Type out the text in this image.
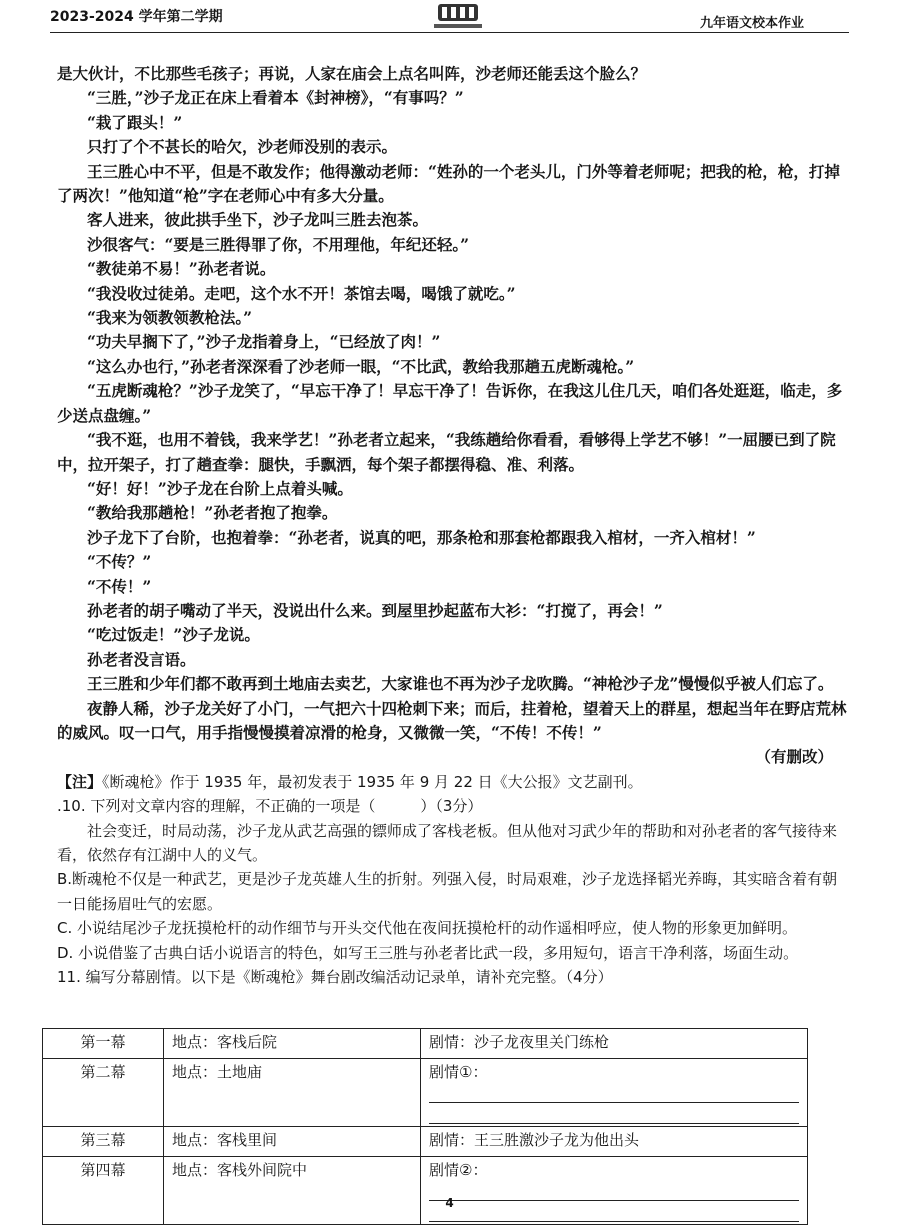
2023-2024 学年第二学期	九年语文校本作业

是大伙计，不比那些毛孩子；再说，人家在庙会上点名叫阵，沙老师还能丢这个脸么？

“三胜，”沙子龙正在床上看着本《封神榜》，“有事吗？”

“栽了跟头！”

只打了个不甚长的哈欠，沙老师没别的表示。

王三胜心中不平，但是不敢发作；他得激动老师：“姓孙的一个老头儿，门外等着老师呢；把我的枪，枪，打掉了两次！”他知道“枪”字在老师心中有多大分量。

客人进来，彼此拱手坐下，沙子龙叫三胜去泡茶。

沙很客气：“要是三胜得罪了你，不用理他，年纪还轻。”

“教徒弟不易！”孙老者说。

“我没收过徒弟。走吧，这个水不开！茶馆去喝，喝饿了就吃。”

“我来为领教领教枪法。”

“功夫早搁下了，”沙子龙指着身上，“已经放了肉！”

“这么办也行，”孙老者深深看了沙老师一眼，“不比武，教给我那趟五虎断魂枪。”

“五虎断魂枪？”沙子龙笑了，“早忘干净了！早忘干净了！告诉你，在我这儿住几天，咱们各处逛逛，临走，多少送点盘缠。”

“我不逛，也用不着钱，我来学艺！”孙老者立起来，“我练趟给你看看，看够得上学艺不够！”一屈腰已到了院中，拉开架子，打了趟查拳：腿快，手飘洒，每个架子都摆得稳、准、利落。

“好！好！”沙子龙在台阶上点着头喊。

“教给我那趟枪！”孙老者抱了抱拳。

沙子龙下了台阶，也抱着拳：“孙老者，说真的吧，那条枪和那套枪都跟我入棺材，一齐入棺材！”

“不传？”

“不传！”

孙老者的胡子嘴动了半天，没说出什么来。到屋里抄起蓝布大衫：“打搅了，再会！”

“吃过饭走！”沙子龙说。

孙老者没言语。

王三胜和少年们都不敢再到土地庙去卖艺，大家谁也不再为沙子龙吹腾。“神枪沙子龙”慢慢似乎被人们忘了。

夜静人稀，沙子龙关好了小门，一气把六十四枪刺下来；而后，拄着枪，望着天上的群星，想起当年在野店荒林的威风。叹一口气，用手指慢慢摸着凉滑的枪身，又微微一笑，“不传！不传！”

（有删改）

【注】《断魂枪》作于 1935 年，最初发表于 1935 年 9 月 22 日《大公报》文艺副刊。

.10. 下列对文章内容的理解，不正确的一项是（　　　）（3分）

社会变迁，时局动荡，沙子龙从武艺高强的镖师成了客栈老板。但从他对习武少年的帮助和对孙老者的客气接待来看，依然存有江湖中人的义气。

B.断魂枪不仅是一种武艺，更是沙子龙英雄人生的折射。列强入侵，时局艰难，沙子龙选择韬光养晦，其实暗含着有朝一日能扬眉吐气的宏愿。

C. 小说结尾沙子龙抚摸枪杆的动作细节与开头交代他在夜间抚摸枪杆的动作遥相呼应，使人物的形象更加鲜明。

D. 小说借鉴了古典白话小说语言的特色，如写王三胜与孙老者比武一段，多用短句，语言干净利落，场面生动。

11. 编写分幕剧情。以下是《断魂枪》舞台剧改编活动记录单，请补充完整。（4分）

第一幕	地点：客栈后院	剧情：沙子龙夜里关门练枪
第二幕	地点：土地庙	剧情①：

第三幕	地点：客栈里间	剧情：王三胜激沙子龙为他出头
第四幕	地点：客栈外间院中	剧情②：
4
